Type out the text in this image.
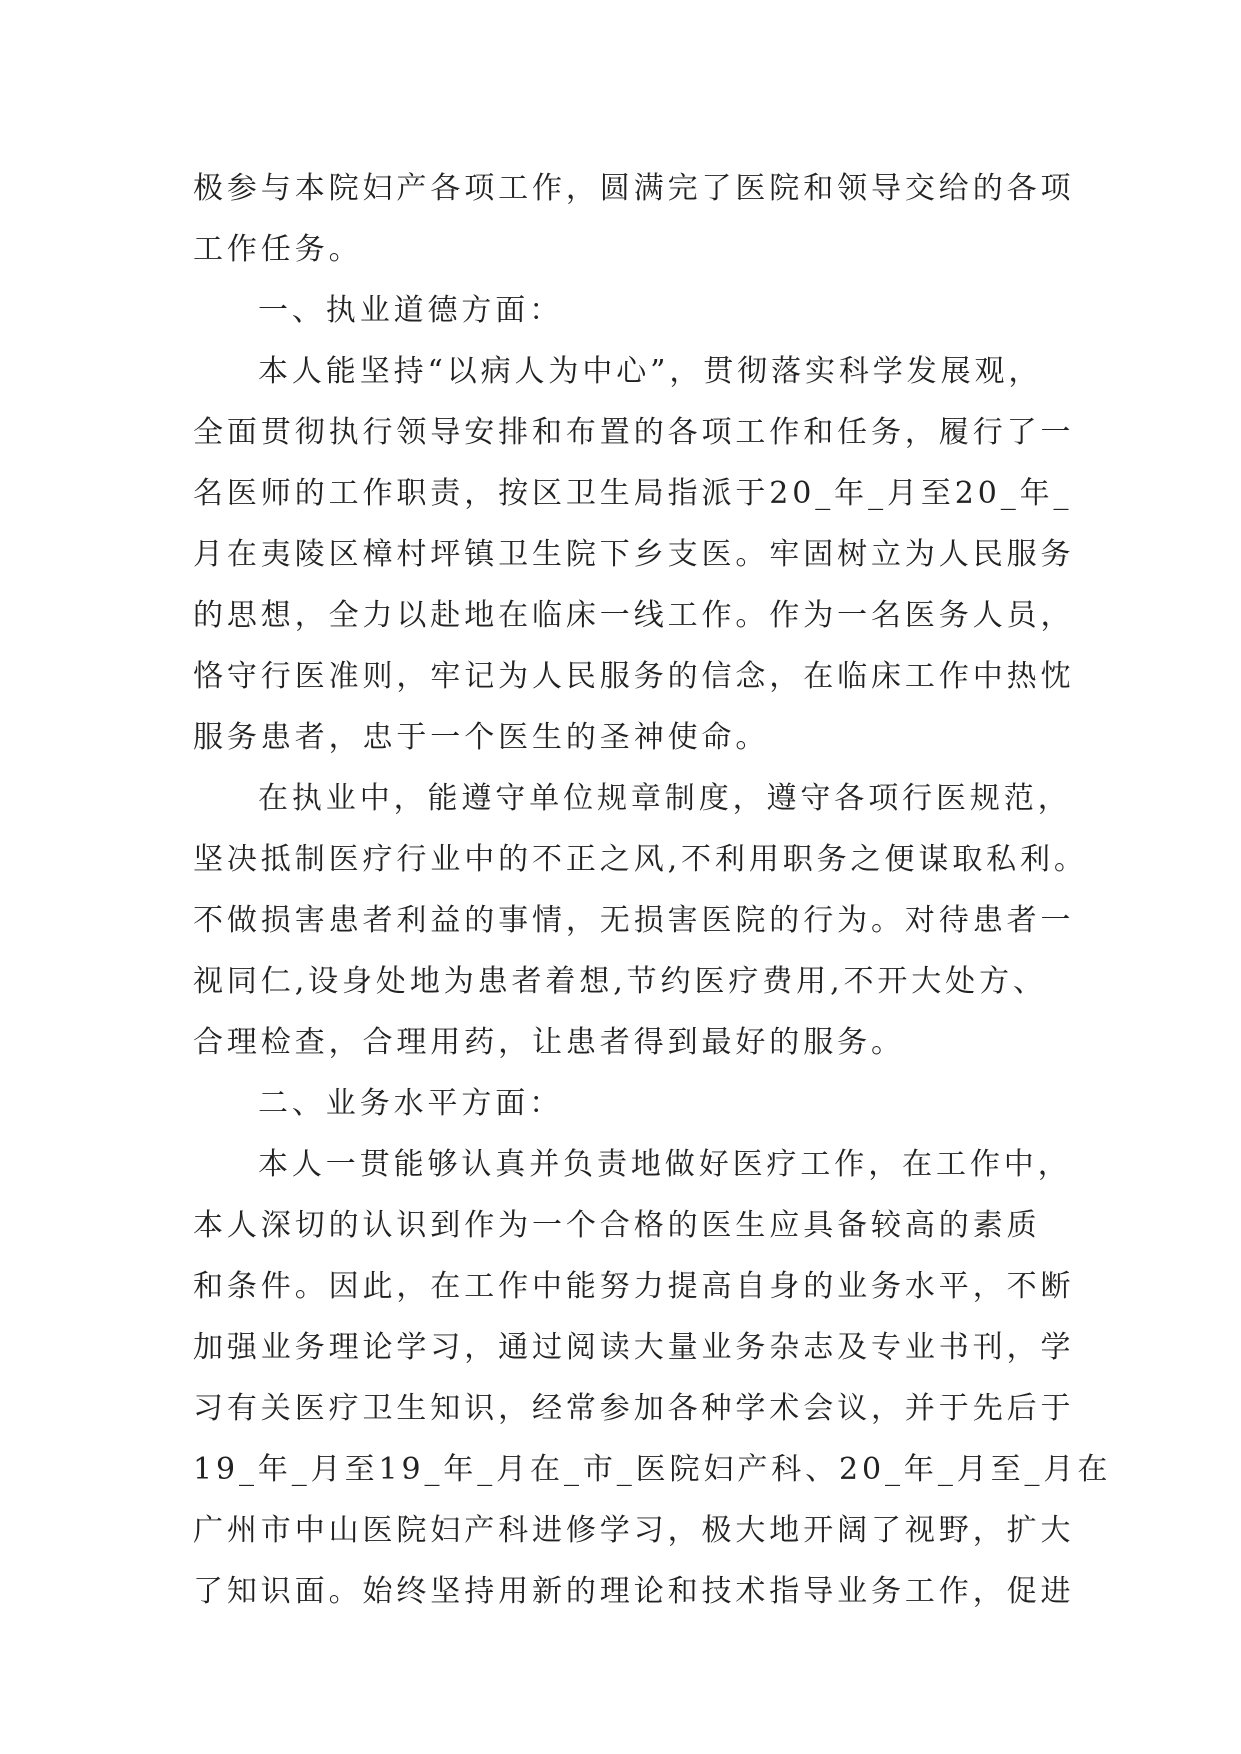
极参与本院妇产各项工作，圆满完了医院和领导交给的各项
工作任务。
一、执业道德方面：
本人能坚持“以病人为中心”，贯彻落实科学发展观，
全面贯彻执行领导安排和布置的各项工作和任务，履行了一
名医师的工作职责，按区卫生局指派于20_年_月至20_年_
月在夷陵区樟村坪镇卫生院下乡支医。牢固树立为人民服务
的思想，全力以赴地在临床一线工作。作为一名医务人员，
恪守行医准则，牢记为人民服务的信念，在临床工作中热忱
服务患者，忠于一个医生的圣神使命。
在执业中，能遵守单位规章制度，遵守各项行医规范，
坚决抵制医疗行业中的不正之风,不利用职务之便谋取私利。
不做损害患者利益的事情，无损害医院的行为。对待患者一
视同仁,设身处地为患者着想,节约医疗费用,不开大处方、
合理检查，合理用药，让患者得到最好的服务。
二、业务水平方面：
本人一贯能够认真并负责地做好医疗工作，在工作中，
本人深切的认识到作为一个合格的医生应具备较高的素质
和条件。因此，在工作中能努力提高自身的业务水平，不断
加强业务理论学习，通过阅读大量业务杂志及专业书刊，学
习有关医疗卫生知识，经常参加各种学术会议，并于先后于
19_年_月至19_年_月在_市_医院妇产科、20_年_月至_月在
广州市中山医院妇产科进修学习，极大地开阔了视野，扩大
了知识面。始终坚持用新的理论和技术指导业务工作，促进
